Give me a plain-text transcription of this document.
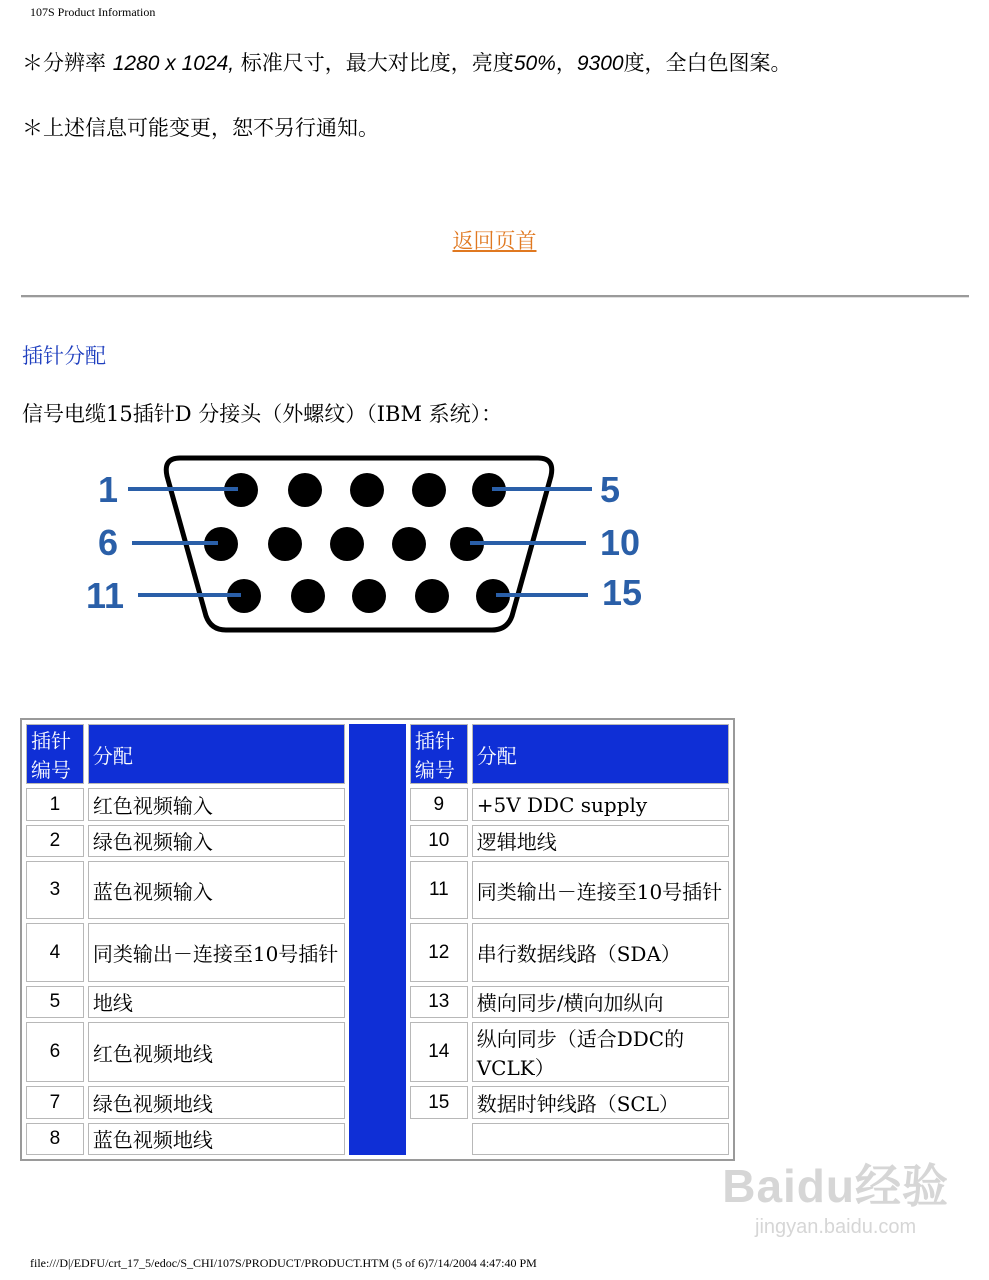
107S Product Information
＊分辨率 1280 x 1024, 标准尺寸，最大对比度，亮度50%，9300度，全白色图案。
＊上述信息可能变更，恕不另行通知。
返回页首
插针分配
信号电缆15插针D 分接头（外螺纹）（IBM 系统）：
1	5
6	10
11	15
插针编号	分配		插针编号	分配
1	红色视频输入		9	+5V DDC supply
2	绿色视频输入		10	逻辑地线
3	蓝色视频输入		11	同类输出－连接至10号插针
4	同类输出－连接至10号插针		12	串行数据线路（SDA）
5	地线		13	横向同步/横向加纵向
6	红色视频地线		14	纵向同步（适合DDC的VCLK）
7	绿色视频地线		15	数据时钟线路（SCL）
8	蓝色视频地线			
Baidu经验
jingyan.baidu.com
file:///D|/EDFU/crt_17_5/edoc/S_CHI/107S/PRODUCT/PRODUCT.HTM (5 of 6)7/14/2004 4:47:40 PM
